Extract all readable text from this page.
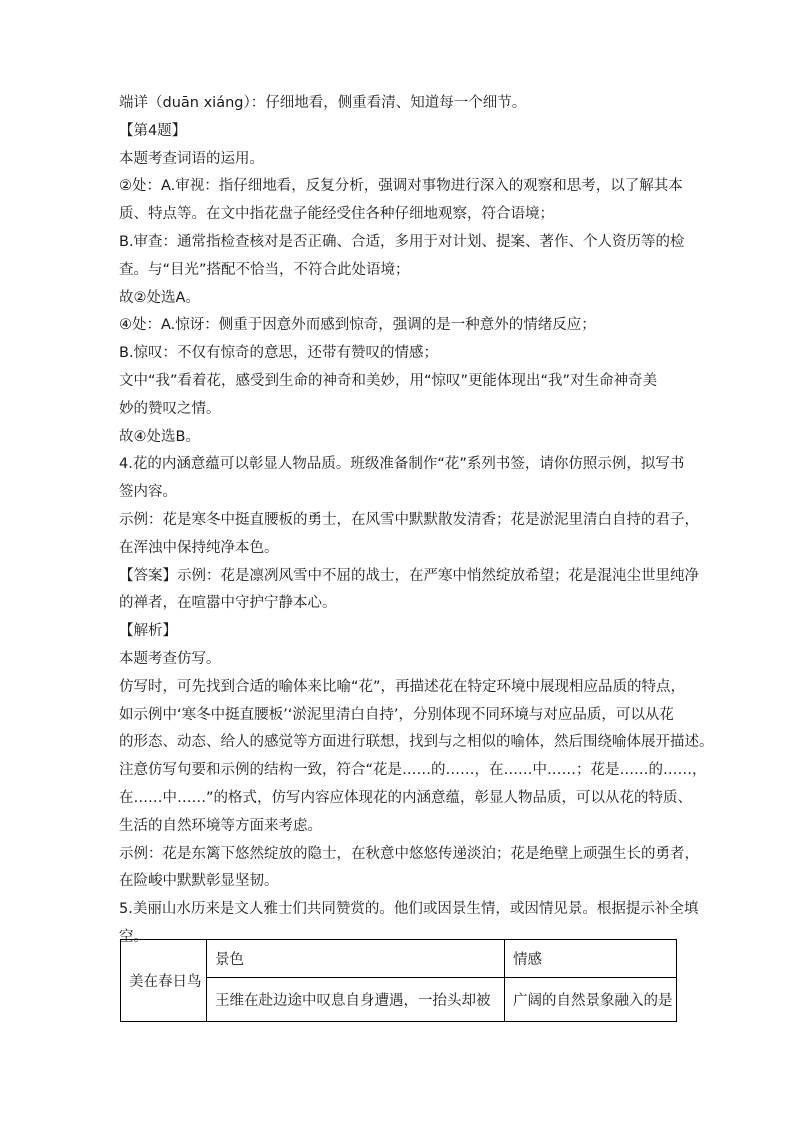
端详（duān xiáng）：仔细地看，侧重看清、知道每一个细节。
【第4题】
本题考查词语的运用。
②处：A.审视：指仔细地看，反复分析，强调对事物进行深入的观察和思考，以了解其本
质、特点等。在文中指花盘子能经受住各种仔细地观察，符合语境；
B.审查：通常指检查核对是否正确、合适，多用于对计划、提案、著作、个人资历等的检
查。与“目光”搭配不恰当，不符合此处语境；
故②处选A。
④处：A.惊讶：侧重于因意外而感到惊奇，强调的是一种意外的情绪反应；
B.惊叹：不仅有惊奇的意思，还带有赞叹的情感；
文中“我”看着花，感受到生命的神奇和美妙，用“惊叹”更能体现出“我”对生命神奇美
妙的赞叹之情。
故④处选B。
4.花的内涵意蕴可以彰显人物品质。班级准备制作“花”系列书签，请你仿照示例，拟写书
签内容。
示例：花是寒冬中挺直腰板的勇士，在风雪中默默散发清香；花是淤泥里清白自持的君子，
在浑浊中保持纯净本色。
【答案】示例：花是凛冽风雪中不屈的战士，在严寒中悄然绽放希望；花是混沌尘世里纯净
的禅者，在喧嚣中守护宁静本心。
【解析】
本题考查仿写。
仿写时，可先找到合适的喻体来比喻“花”，再描述花在特定环境中展现相应品质的特点，
如示例中‘寒冬中挺直腰板’‘淤泥里清白自持’，分别体现不同环境与对应品质，可以从花
的形态、动态、给人的感觉等方面进行联想，找到与之相似的喻体，然后围绕喻体展开描述。
注意仿写句要和示例的结构一致，符合“花是……的……，在……中……；花是……的……，
在……中……”的格式，仿写内容应体现花的内涵意蕴，彰显人物品质，可以从花的特质、
生活的自然环境等方面来考虑。
示例：花是东篱下悠然绽放的隐士，在秋意中悠悠传递淡泊；花是绝壁上顽强生长的勇者，
在险峻中默默彰显坚韧。
5.美丽山水历来是文人雅士们共同赞赏的。他们或因景生情，或因情见景。根据提示补全填
空。
美在春日鸟	景色	情感
	王维在赴边途中叹息自身遭遇，一抬头却被	广阔的自然景象融入的是
